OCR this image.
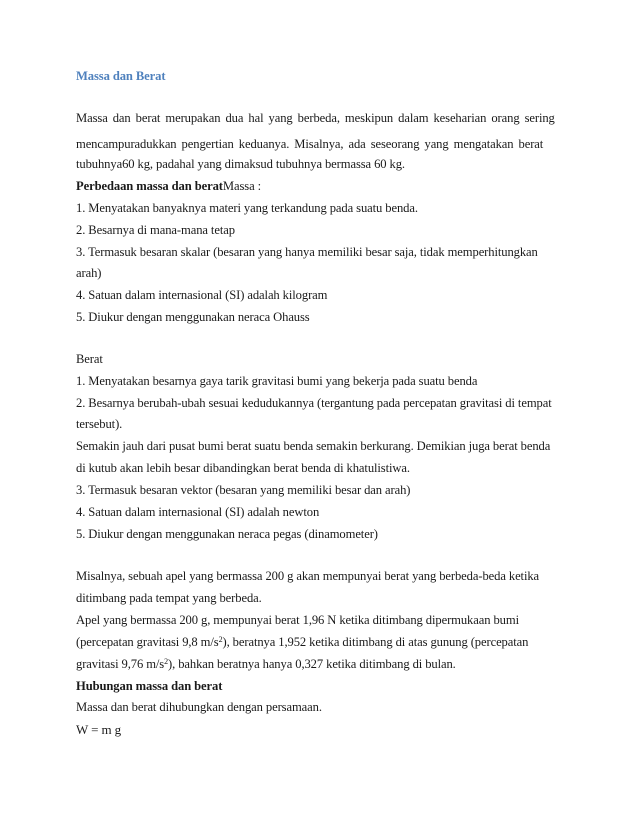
Massa dan Berat
Massa dan berat merupakan dua hal yang berbeda, meskipun dalam keseharian orang sering
mencampuradukkan pengertian keduanya. Misalnya, ada seseorang yang mengatakan berat
tubuhnya60 kg, padahal yang dimaksud tubuhnya bermassa 60 kg.
Perbedaan massa dan beratMassa :
1. Menyatakan banyaknya materi yang terkandung pada suatu benda.
2. Besarnya di mana-mana tetap
3. Termasuk besaran skalar (besaran yang hanya memiliki besar saja, tidak memperhitungkan
arah)
4. Satuan dalam internasional (SI) adalah kilogram
5. Diukur dengan menggunakan neraca Ohauss
Berat
1. Menyatakan besarnya gaya tarik gravitasi bumi yang bekerja pada suatu benda
2. Besarnya berubah-ubah sesuai kedudukannya (tergantung pada percepatan gravitasi di tempat
tersebut).
Semakin jauh dari pusat bumi berat suatu benda semakin berkurang. Demikian juga berat benda
di kutub akan lebih besar dibandingkan berat benda di khatulistiwa.
3. Termasuk besaran vektor (besaran yang memiliki besar dan arah)
4. Satuan dalam internasional (SI) adalah newton
5. Diukur dengan menggunakan neraca pegas (dinamometer)
Misalnya, sebuah apel yang bermassa 200 g akan mempunyai berat yang berbeda-beda ketika
ditimbang pada tempat yang berbeda.
Apel yang bermassa 200 g, mempunyai berat 1,96 N ketika ditimbang dipermukaan bumi
(percepatan gravitasi 9,8 $m/s^2$), beratnya 1,952 ketika ditimbang di atas gunung (percepatan
gravitasi 9,76 $m/s^2$), bahkan beratnya hanya 0,327 ketika ditimbang di bulan.
Hubungan massa dan berat
Massa dan berat dihubungkan dengan persamaan.
W = m g
